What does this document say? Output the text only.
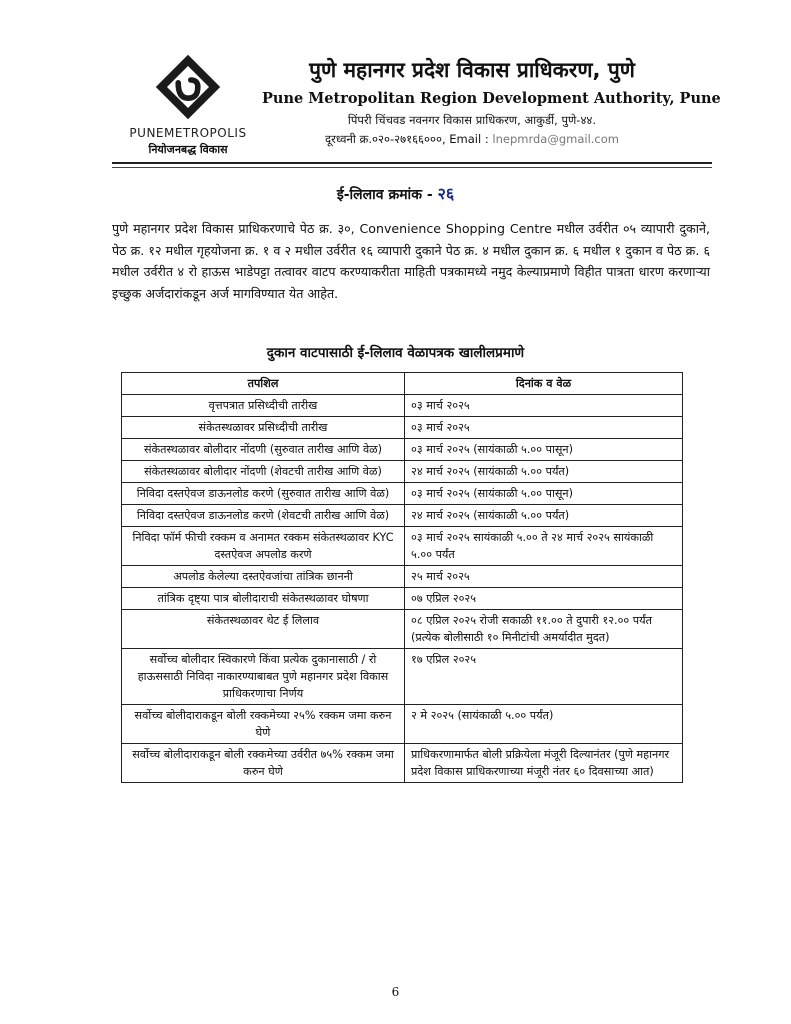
PUNEMETROPOLIS
नियोजनबद्ध विकास
पुणे महानगर प्रदेश विकास प्राधिकरण, पुणे
Pune Metropolitan Region Development Authority, Pune
पिंपरी चिंचवड नवनगर विकास प्राधिकरण, आकुर्डी, पुणे-४४.
दूरध्वनी क्र.०२०-२७१६६०००, Email : lnepmrda@gmail.com
ई-लिलाव क्रमांक - २६
पुणे महानगर प्रदेश विकास प्राधिकरणाचे पेठ क्र. ३०, Convenience Shopping Centre मधील उर्वरीत ०५ व्यापारी दुकाने, पेठ क्र. १२ मधील गृहयोजना क्र. १ व २ मधील उर्वरीत १६ व्यापारी दुकाने पेठ क्र. ४ मधील दुकान क्र. ६ मधील १ दुकान व पेठ क्र. ६ मधील उर्वरीत ४ रो हाऊस भाडेपट्टा तत्वावर वाटप करण्याकरीता माहिती पत्रकामध्ये नमुद केल्याप्रमाणे विहीत पात्रता धारण करणाऱ्या इच्छुक अर्जदारांकडून अर्ज मागविण्यात येत आहेत.
दुकान वाटपासाठी ई-लिलाव वेळापत्रक खालीलप्रमाणे
तपशिल	दिनांक व वेळ
वृत्तपत्रात प्रसिध्दीची तारीख	०३ मार्च २०२५
संकेतस्थळावर प्रसिध्दीची तारीख	०३ मार्च २०२५
संकेतस्थळावर बोलीदार नोंदणी (सुरुवात तारीख आणि वेळ)	०३ मार्च २०२५ (सायंकाळी ५.०० पासून)
संकेतस्थळावर बोलीदार नोंदणी (शेवटची तारीख आणि वेळ)	२४ मार्च २०२५ (सायंकाळी ५.०० पर्यंत)
निविदा दस्तऐवज डाऊनलोड करणे (सुरुवात तारीख आणि वेळ)	०३ मार्च २०२५ (सायंकाळी ५.०० पासून)
निविदा दस्तऐवज डाऊनलोड करणे (शेवटची तारीख आणि वेळ)	२४ मार्च २०२५ (सायंकाळी ५.०० पर्यंत)
निविदा फॉर्म फीची रक्कम व अनामत रक्कम संकेतस्थळावर KYC दस्तऐवज अपलोड करणे	०३ मार्च २०२५ सायंकाळी ५.०० ते २४ मार्च २०२५ सायंकाळी ५.०० पर्यंत
अपलोड केलेल्या दस्तऐवजांचा तांत्रिक छाननी	२५ मार्च २०२५
तांत्रिक दृष्ट्या पात्र बोलीदाराची संकेतस्थळावर घोषणा	०७ एप्रिल २०२५
संकेतस्थळावर थेट ई लिलाव	०८ एप्रिल २०२५ रोजी सकाळी ११.०० ते दुपारी १२.०० पर्यंत (प्रत्येक बोलीसाठी १० मिनीटांची अमर्यादीत मुदत)
सर्वोच्च बोलीदार स्विकारणे किंवा प्रत्येक दुकानासाठी / रो हाऊससाठी निविदा नाकारण्याबाबत पुणे महानगर प्रदेश विकास प्राधिकरणाचा निर्णय	१७ एप्रिल २०२५
सर्वोच्च बोलीदाराकडून बोली रक्कमेच्या २५% रक्कम जमा करुन घेणे	२ मे २०२५ (सायंकाळी ५.०० पर्यंत)
सर्वोच्च बोलीदाराकडून बोली रक्कमेच्या उर्वरीत ७५% रक्कम जमा करुन घेणे	प्राधिकरणामार्फत बोली प्रक्रियेला मंजूरी दिल्यानंतर (पुणे महानगर प्रदेश विकास प्राधिकरणाच्या मंजूरी नंतर ६० दिवसाच्या आत)
6
